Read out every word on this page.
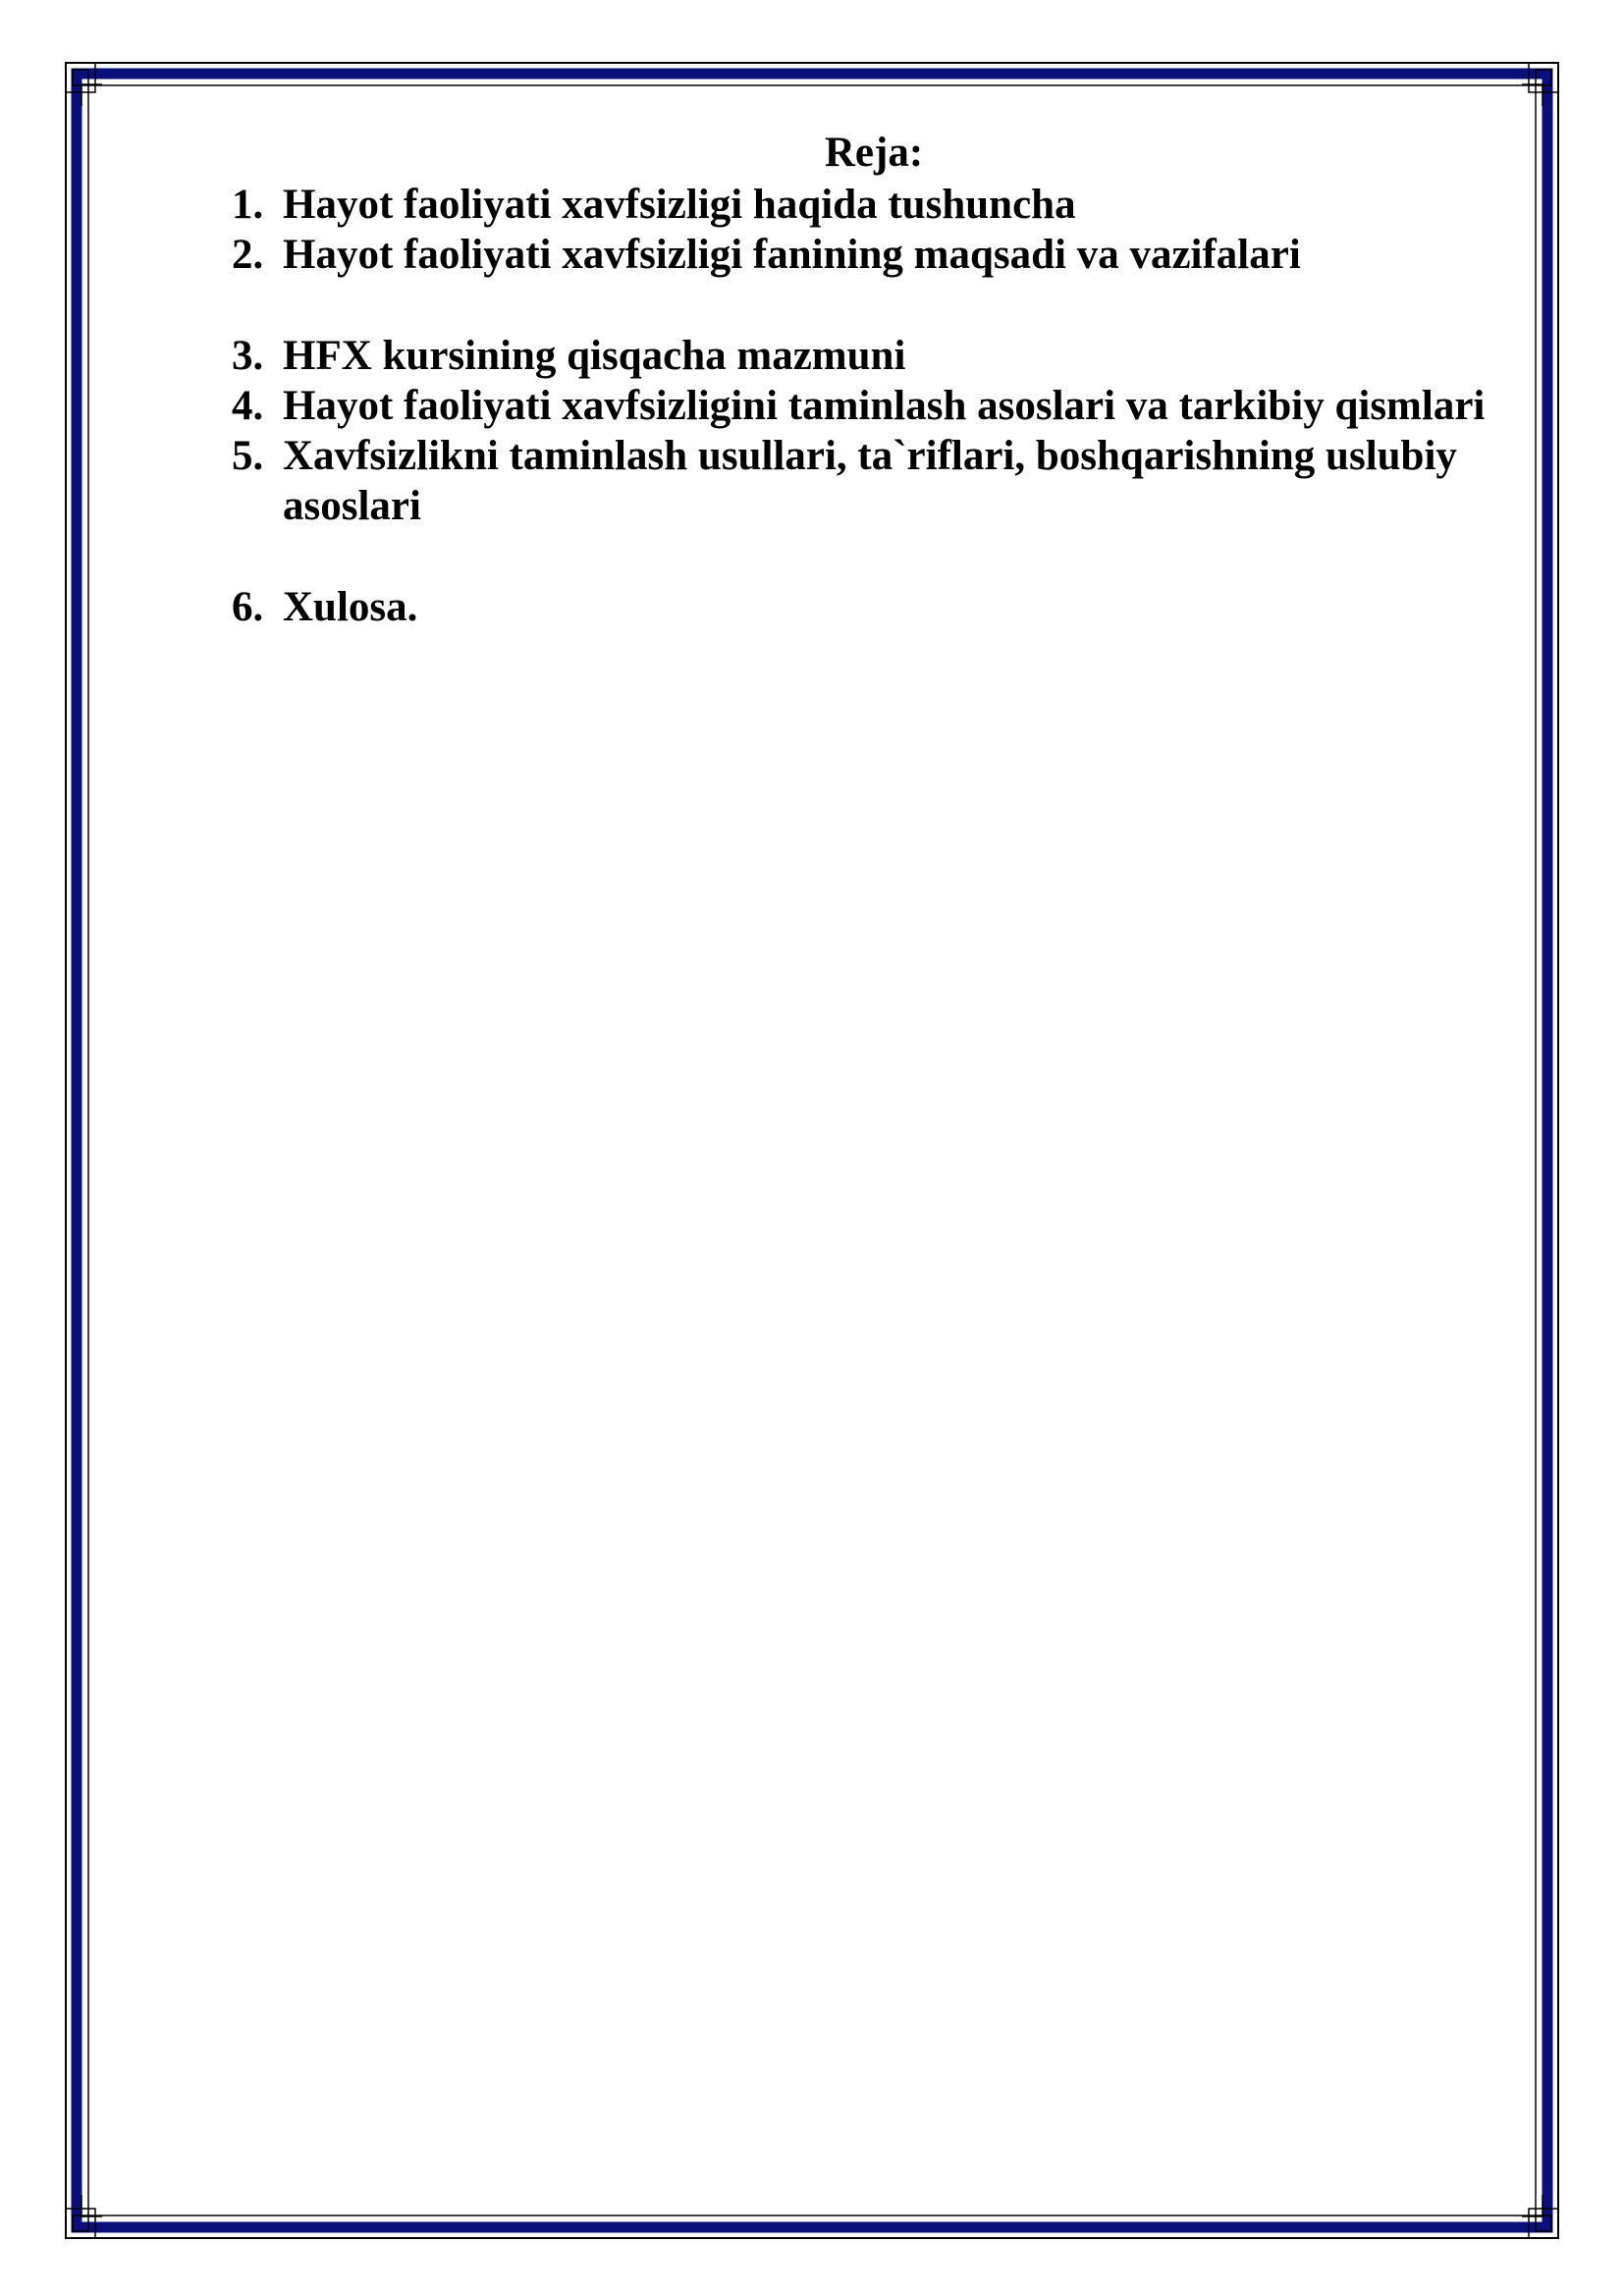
Reja:
1. Hayot faoliyati xavfsizligi haqida tushuncha
2. Hayot faoliyati xavfsizligi fanining maqsadi va vazifalari
3. HFX kursining qisqacha mazmuni
4. Hayot faoliyati xavfsizligini taminlash asoslari va tarkibiy qismlari
5. Xavfsizlikni taminlash usullari, ta`riflari, boshqarishning uslubiy asoslari
6. Xulosa.
